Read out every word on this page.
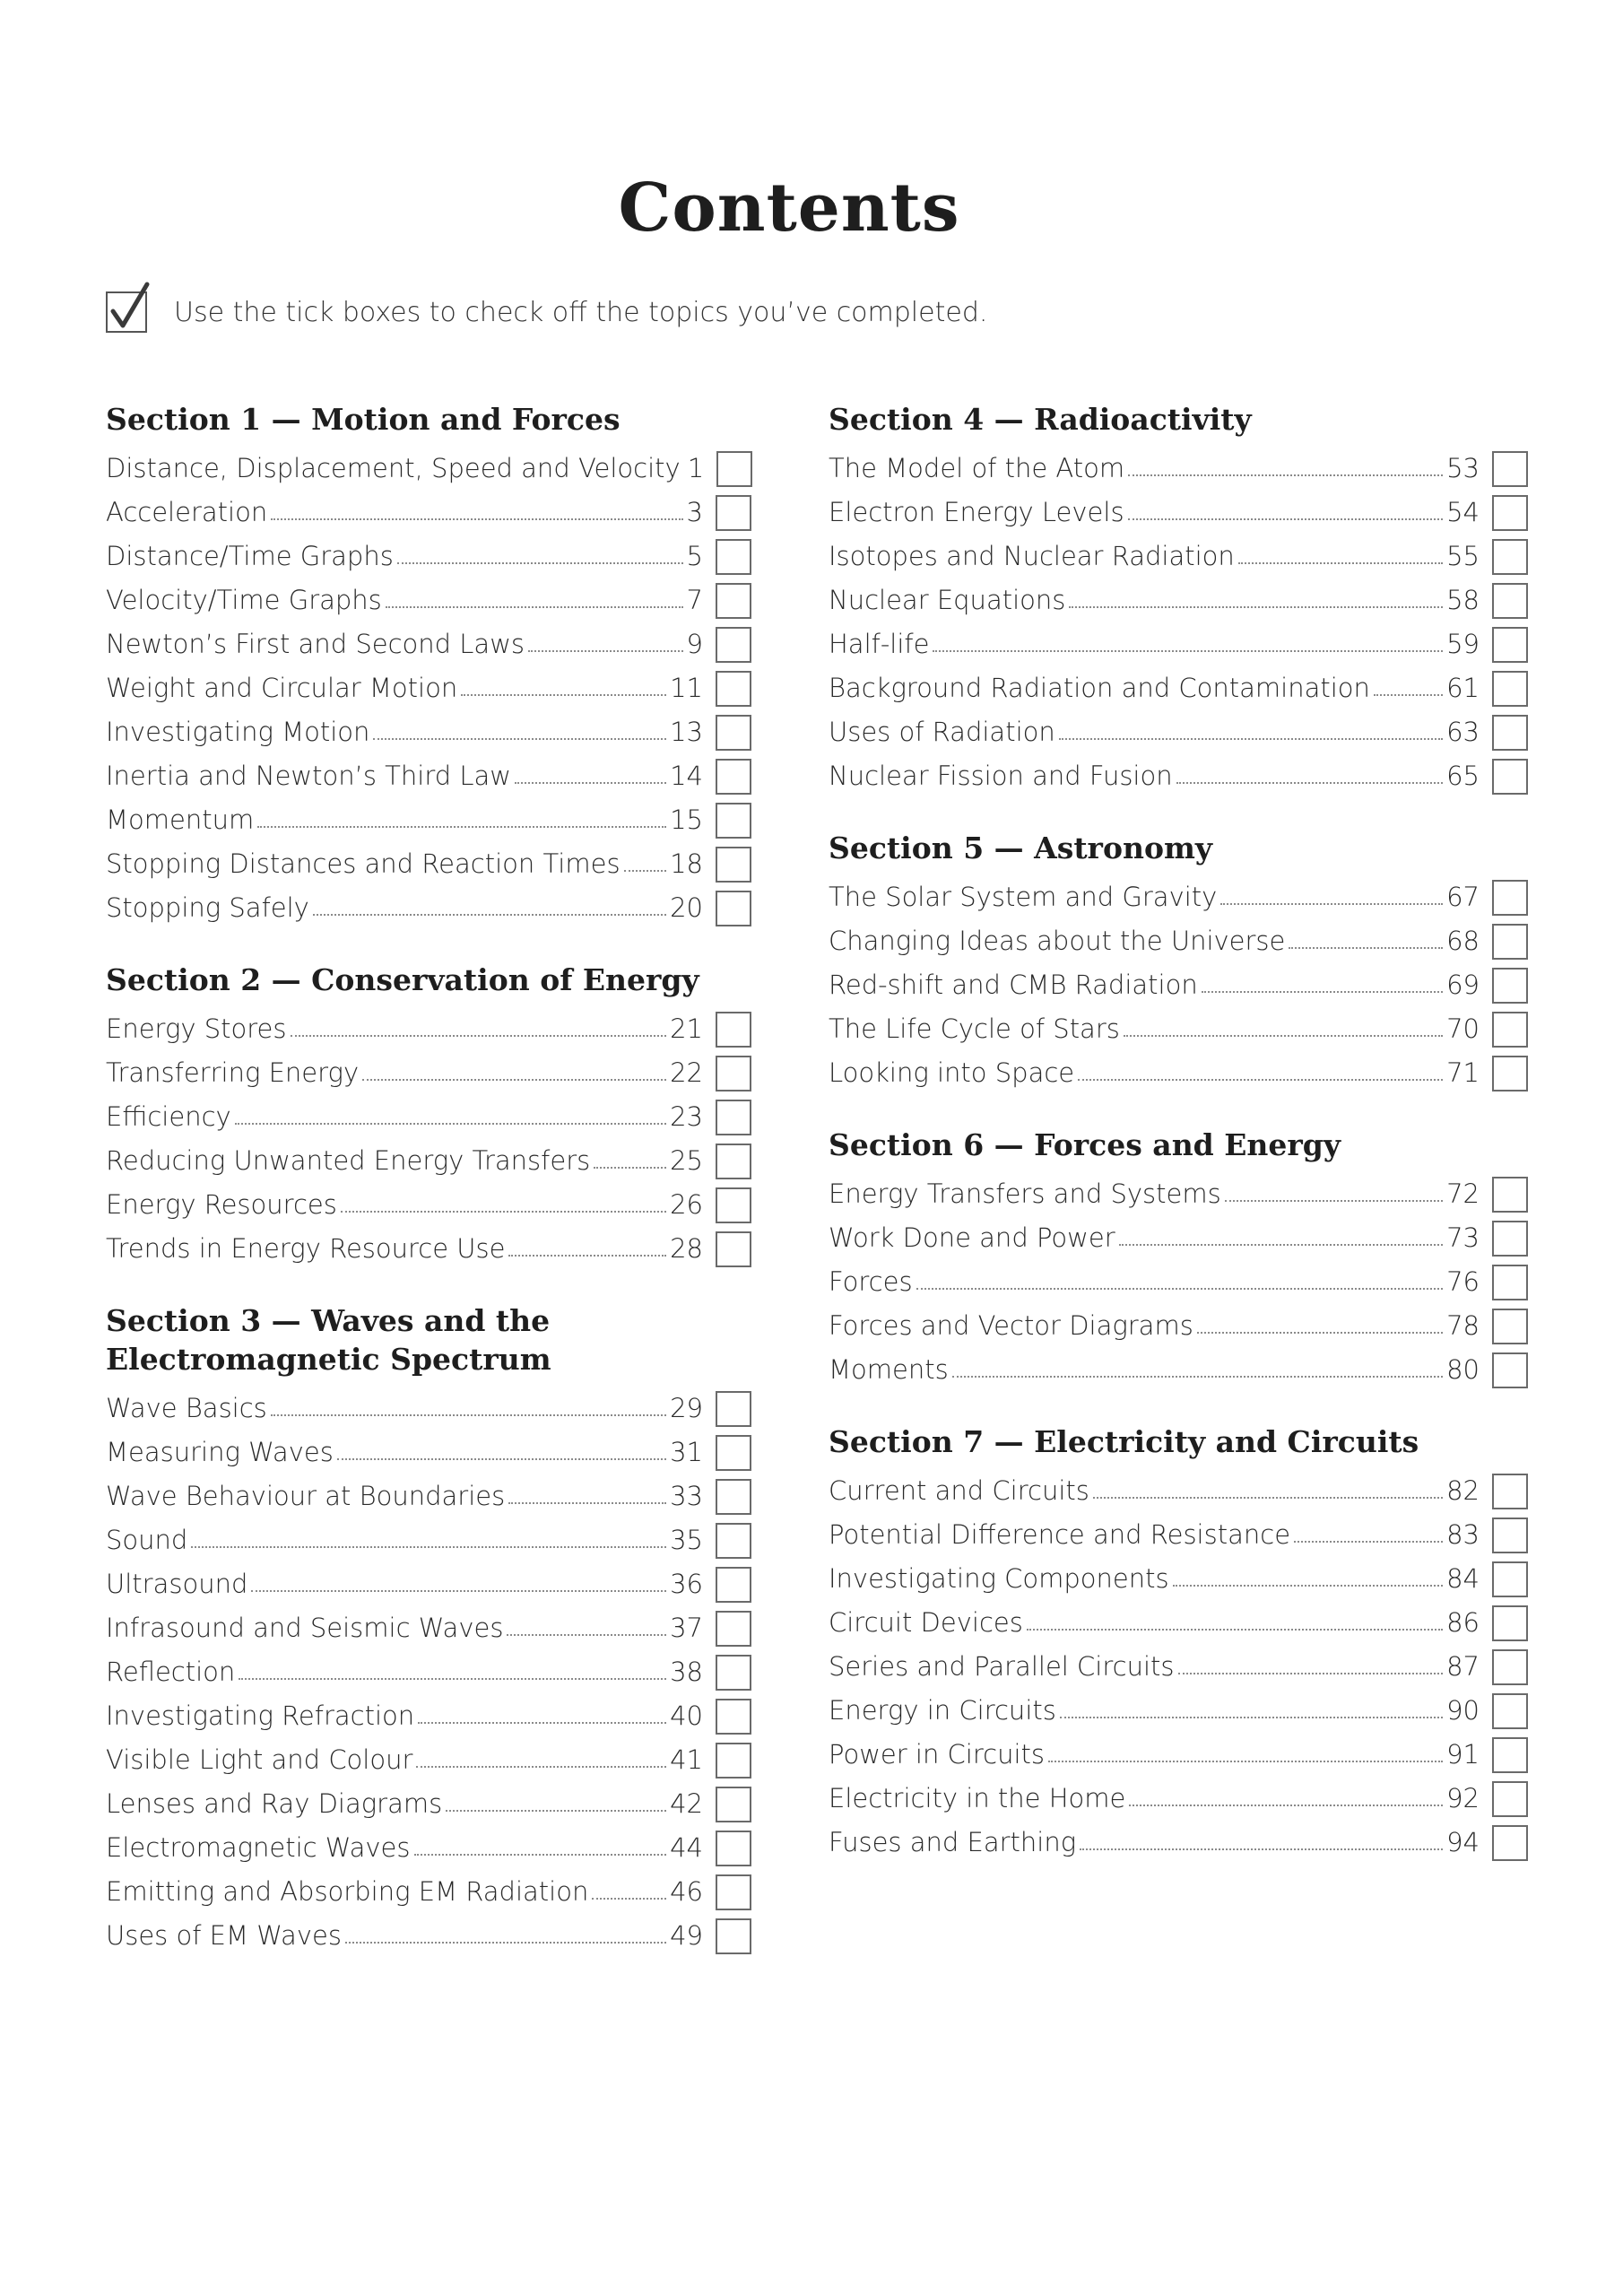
Contents
Use the tick boxes to check off the topics you’ve completed.
Section 1 — Motion and Forces
Distance, Displacement, Speed and Velocity 1
Acceleration	3
Distance/Time Graphs	5
Velocity/Time Graphs	7
Newton’s First and Second Laws	9
Weight and Circular Motion	11
Investigating Motion	13
Inertia and Newton’s Third Law	14
Momentum	15
Stopping Distances and Reaction Times 18
Stopping Safely	20
Section 2 — Conservation of Energy
Energy Stores	21
Transferring Energy	22
Efficiency	23
Reducing Unwanted Energy Transfers	25
Energy Resources	26
Trends in Energy Resource Use	28
Section 3 — Waves and the
Electromagnetic Spectrum
Wave Basics	29
Measuring Waves	31
Wave Behaviour at Boundaries	33
Sound	35
Ultrasound	36
Infrasound and Seismic Waves	37
Reflection	38
Investigating Refraction	40
Visible Light and Colour	41
Lenses and Ray Diagrams	42
Electromagnetic Waves	44
Emitting and Absorbing EM Radiation	46
Uses of EM Waves	49
Section 4 — Radioactivity
The Model of the Atom	53
Electron Energy Levels	54
Isotopes and Nuclear Radiation	55
Nuclear Equations	58
Half-life	59
Background Radiation and Contamination	61
Uses of Radiation	63
Nuclear Fission and Fusion	65
Section 5 — Astronomy
The Solar System and Gravity	67
Changing Ideas about the Universe	68
Red-shift and CMB Radiation	69
The Life Cycle of Stars	70
Looking into Space	71
Section 6 — Forces and Energy
Energy Transfers and Systems	72
Work Done and Power	73
Forces	76
Forces and Vector Diagrams	78
Moments	80
Section 7 — Electricity and Circuits
Current and Circuits	82
Potential Difference and Resistance	83
Investigating Components	84
Circuit Devices	86
Series and Parallel Circuits	87
Energy in Circuits	90
Power in Circuits	91
Electricity in the Home	92
Fuses and Earthing	94
